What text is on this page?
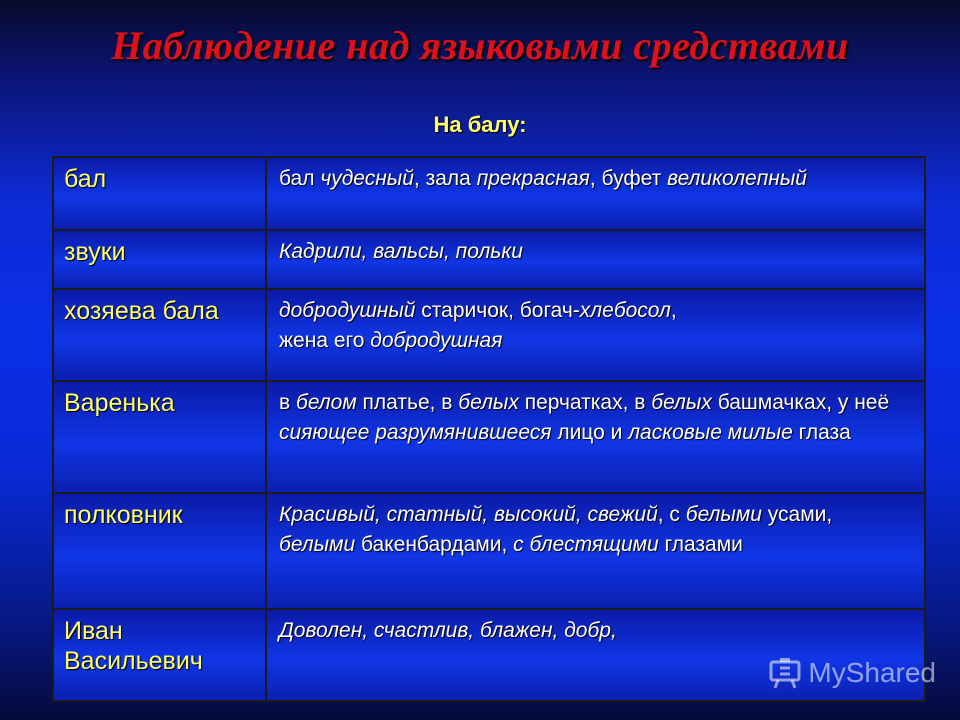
Наблюдение над языковыми средствами
На балу:
бал	бал чудесный, зала прекрасная, буфет великолепный
звуки	Кадрили, вальсы, польки
хозяева бала	добродушный старичок, богач-хлебосол,
жена его добродушная
Варенька	в белом платье, в белых перчатках, в белых башмачках, у неё сияющее разрумянившееся лицо и ласковые милые глаза
полковник	Красивый, статный, высокий, свежий, с белыми усами, белыми бакенбардами, с блестящими глазами
Иван Васильевич	Доволен, счастлив, блажен, добр,
MyShared
